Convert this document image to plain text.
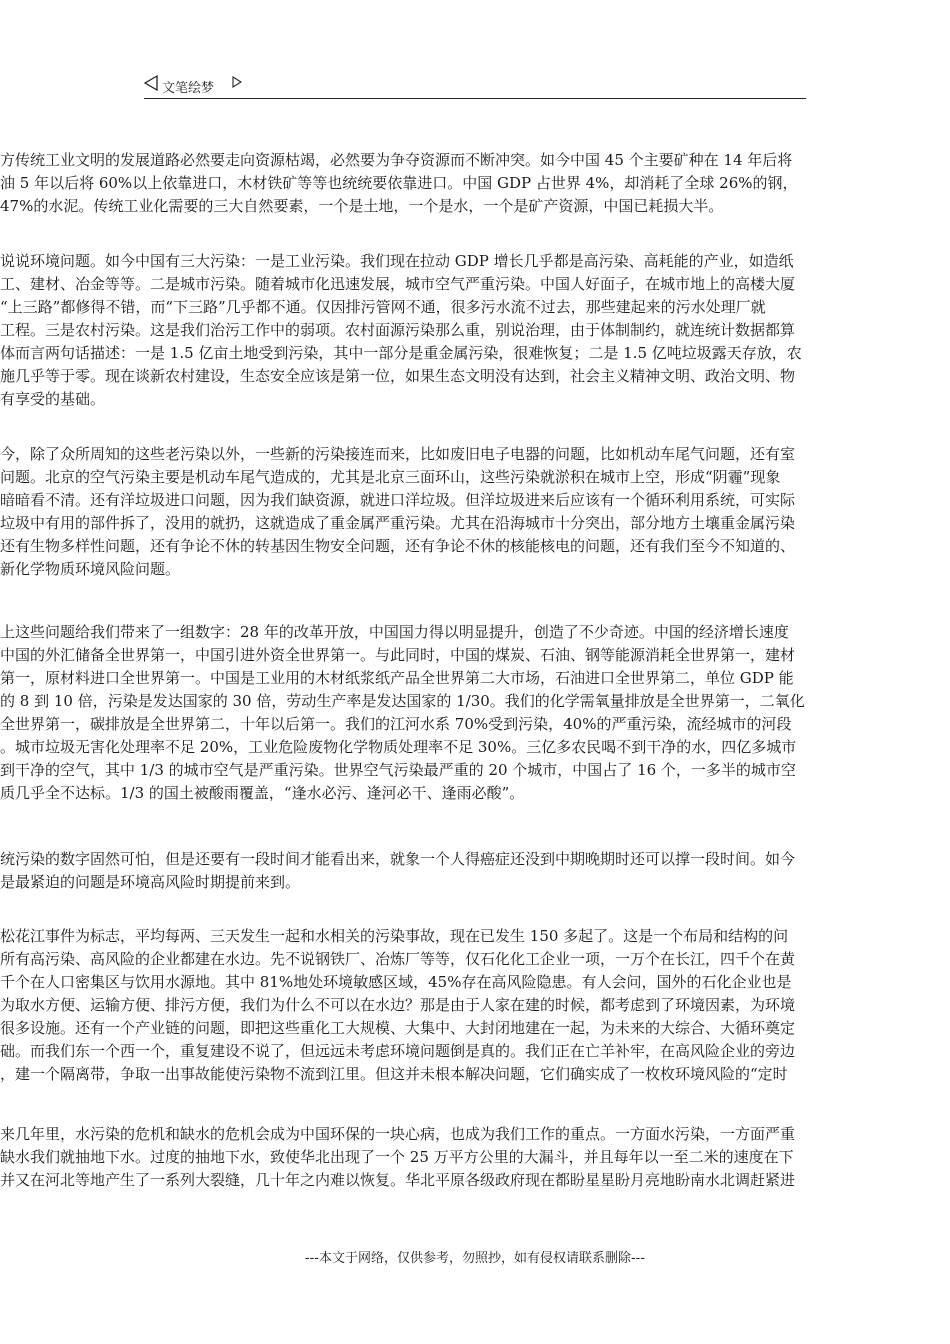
文笔绘梦
方传统工业文明的发展道路必然要走向资源枯竭，必然要为争夺资源而不断冲突。如今中国 45 个主要矿种在 14 年后将
油 5 年以后将 60%以上依靠进口，木材铁矿等等也统统要依靠进口。中国 GDP 占世界 4%，却消耗了全球 26%的钢，
47%的水泥。传统工业化需要的三大自然要素，一个是土地，一个是水，一个是矿产资源，中国已耗损大半。
说说环境问题。如今中国有三大污染：一是工业污染。我们现在拉动 GDP 增长几乎都是高污染、高耗能的产业，如造纸
工、建材、冶金等等。二是城市污染。随着城市化迅速发展，城市空气严重污染。中国人好面子，在城市地上的高楼大厦
“上三路”都修得不错，而“下三路”几乎都不通。仅因排污管网不通，很多污水流不过去，那些建起来的污水处理厂就
工程。三是农村污染。这是我们治污工作中的弱项。农村面源污染那么重，别说治理，由于体制制约，就连统计数据都算
体而言两句话描述：一是 1.5 亿亩土地受到污染，其中一部分是重金属污染，很难恢复；二是 1.5 亿吨垃圾露天存放，农
施几乎等于零。现在谈新农村建设，生态安全应该是第一位，如果生态文明没有达到，社会主义精神文明、政治文明、物
有享受的基础。
今，除了众所周知的这些老污染以外，一些新的污染接连而来，比如废旧电子电器的问题，比如机动车尾气问题，还有室
问题。北京的空气污染主要是机动车尾气造成的，尤其是北京三面环山，这些污染就淤积在城市上空，形成“阴霾”现象
暗暗看不清。还有洋垃圾进口问题，因为我们缺资源，就进口洋垃圾。但洋垃圾进来后应该有一个循环利用系统，可实际
垃圾中有用的部件拆了，没用的就扔，这就造成了重金属严重污染。尤其在沿海城市十分突出，部分地方土壤重金属污染
还有生物多样性问题，还有争论不休的转基因生物安全问题，还有争论不休的核能核电的问题，还有我们至今不知道的、
新化学物质环境风险问题。
上这些问题给我们带来了一组数字：28 年的改革开放，中国国力得以明显提升，创造了不少奇迹。中国的经济增长速度
中国的外汇储备全世界第一，中国引进外资全世界第一。与此同时，中国的煤炭、石油、钢等能源消耗全世界第一，建材
第一，原材料进口全世界第一。中国是工业用的木材纸浆纸产品全世界第二大市场，石油进口全世界第二，单位 GDP 能
的 8 到 10 倍，污染是发达国家的 30 倍，劳动生产率是发达国家的 1/30。我们的化学需氧量排放是全世界第一，二氧化
全世界第一，碳排放是全世界第二，十年以后第一。我们的江河水系 70%受到污染，40%的严重污染，流经城市的河段
。城市垃圾无害化处理率不足 20%，工业危险废物化学物质处理率不足 30%。三亿多农民喝不到干净的水，四亿多城市
到干净的空气，其中 1/3 的城市空气是严重污染。世界空气污染最严重的 20 个城市，中国占了 16 个，一多半的城市空
质几乎全不达标。1/3 的国土被酸雨覆盖，“逢水必污、逢河必干、逢雨必酸”。
统污染的数字固然可怕，但是还要有一段时间才能看出来，就象一个人得癌症还没到中期晚期时还可以撑一段时间。如今
是最紧迫的问题是环境高风险时期提前来到。
松花江事件为标志，平均每两、三天发生一起和水相关的污染事故，现在已发生 150 多起了。这是一个布局和结构的问
所有高污染、高风险的企业都建在水边。先不说钢铁厂、冶炼厂等等，仅石化化工企业一项，一万个在长江，四千个在黄
千个在人口密集区与饮用水源地。其中 81%地处环境敏感区域，45%存在高风险隐患。有人会问，国外的石化企业也是
为取水方便、运输方便、排污方便，我们为什么不可以在水边？那是由于人家在建的时候，都考虑到了环境因素，为环境
很多设施。还有一个产业链的问题，即把这些重化工大规模、大集中、大封闭地建在一起，为未来的大综合、大循环奠定
础。而我们东一个西一个，重复建设不说了，但远远未考虑环境问题倒是真的。我们正在亡羊补牢，在高风险企业的旁边
，建一个隔离带，争取一出事故能使污染物不流到江里。但这并未根本解决问题，它们确实成了一枚枚环境风险的“定时
来几年里，水污染的危机和缺水的危机会成为中国环保的一块心病，也成为我们工作的重点。一方面水污染，一方面严重
缺水我们就抽地下水。过度的抽地下水，致使华北出现了一个 25 万平方公里的大漏斗，并且每年以一至二米的速度在下
并又在河北等地产生了一系列大裂缝，几十年之内难以恢复。华北平原各级政府现在都盼星星盼月亮地盼南水北调赶紧进
---本文于网络，仅供参考，勿照抄，如有侵权请联系删除---
